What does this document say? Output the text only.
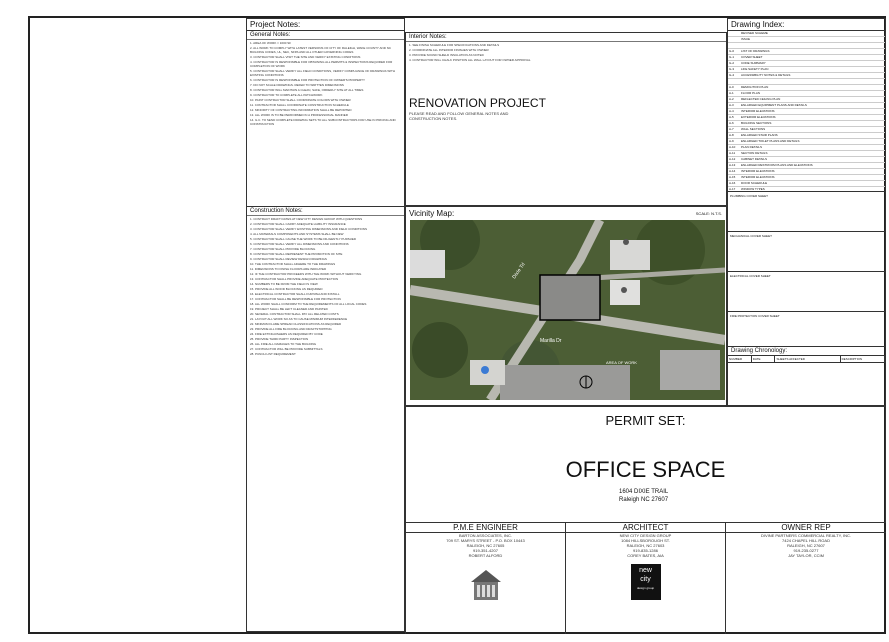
Project Notes:
General Notes:
1. AREA OF WORK = 1600 SF
2. ALL WORK TO COMPLY WITH LATEST VERSIONS OF CITY OF RALEIGH, WAKE COUNTY AND NC BUILDING CODES, UL, NEC, NFPA AND ALL OTHER GOVERNING CODES
3. CONTRACTOR SHALL VISIT THE SITE AND VERIFY EXISTING CONDITIONS
4. CONTRACTOR IS RESPONSIBLE FOR OBTAINING ALL PERMITS & INSPECTIONS REQUIRED FOR COMPLETION OF WORK
5. CONTRACTOR SHALL VERIFY ALL FIELD CONDITIONS, VERIFY COMPLIANCE OF DRAWINGS WITH EXISTING CONDITIONS
6. CONTRACTOR IS RESPONSIBLE FOR PROTECTION OF OWNER'S PROPERTY
7. DO NOT SCALE DRAWINGS. REFER TO WRITTEN DIMENSIONS
8. CONTRACTOR WILL MAINTAIN A CLEAN, SAFE, ORDERLY SITE AT ALL TIMES
9. CONTRACTOR TO COMPLETE ALL PATCHWORK
10. PAINT CONTRACTOR SHALL COORDINATE COLORS WITH OWNER
11. CONTRACTOR SHALL COORDINATE CONSTRUCTION SCHEDULE
12. MINORITY OF CONTRACTING INFORMATION SHALL BE REPORTED
13. ALL WORK IS TO BE PERFORMED IN A PROFESSIONAL MANNER
14. G.C. TO SEND COMPLETE DRAWING SETS TO ALL SUBCONTRACTORS FOR USE IN PRICING AND CONSTRUCTION
Construction Notes:
1. CONTRACT DRAFT DATES AT NEW CITY DESIGN GROUP WITH QUESTIONS
2. CONTRACTOR SHALL CARRY ADEQUATE LIABILITY INSURANCE
3. CONTRACTOR SHALL VERIFY EXISTING DIMENSIONS AND FIELD CONDITIONS
4. ALL MATERIALS COMPONENTS AND SYSTEMS SHALL BE NEW
5. CONTRACTOR SHALL CAUSE THE WORK TO BE DILIGENTLY PURSUED
6. CONTRACTOR SHALL VERIFY ALL DIMENSIONS AND CONDITIONS
7. CONTRACTOR SHALL PROVIDE BLOCKING
8. CONTRACTOR SHALL REPRESENT THE PROMOTION OF SITE
9. CONTRACTOR SHALL REVIEW DESIGN DRAWINGS
10. THE CONTRACTOR SHALL ADHERE TO THE DRAWINGS
11. DIMENSIONS TO FINISH FLOORS ARE INDICATED
12. IF THE CONTRACTOR PROCEEDS WITH THE WORK WITHOUT VERIFYING
13. CONTRACTOR SHALL PROVIDE ADEQUATE PROTECTION
14. NUMBERS TO BE FROM THE FIELD IS VIEW
15. PROVIDE ALL WOOD BLOCKING AS REQUIRED
16. ELECTRICAL CONTRACTOR SHALL FURNISH AND INSTALL
17. CONTRACTOR SHALL BE RESPONSIBLE FOR PROTECTION
18. ALL WORK SHALL CONFORM TO THE REQUIREMENTS OF ALL LOCAL CODES
19. PROJECT SHALL BE LEFT CLEANED AND PAINTED
20. SEVERAL CONTRACTOR SHALL PAY ALL RELATED COSTS
21. LAYOUT ALL WORK SO AS TO CAUSE MINIMUM INTERFERENCE
22. MINIMUM FLAME SPREAD CLASSIFICATIONS AS REQUIRED
23. PROVIDE ALL FIRE BLOCKING AND DRAFTSTOPPING
24. FIRE EXTINGUISHERS AS REQUIRED BY CODE
25. PROVIDE THIRD PARTY INSPECTION
26. ALL FIRE ALL DAMAGES TO THE BUILDING
27. CONTRACTOR WILL BE PROVIDE SUBMITTALS
28. PUNCH LIST REQUIREMENT
Interior Notes:
1. SEE FINISH SCHEDULE FOR SPECIFICATIONS AND DETAILS
2. COORDINATE ALL INTERIOR FINISHES WITH OWNER
3. PROVIDE SOUND SHIELD INSULATION AS NOTED
4. CONTRACTOR WILL CHALK POSITION ALL WALL LAYOUT FOR OWNER APPROVAL
RENOVATION PROJECT
PLEASE READ AND FOLLOW GENERAL NOTES AND CONSTRUCTION NOTES.
Vicinity Map:	SCALE: N.T.S.
Marilla Dr
Dixie Trl
AREA OF WORK
Drawing Index:
REVISED SCHEME
ISSUE
G-0	LIST OF DRAWINGS
G-1	COVER SHEET
G-2	CODE SUMMARY
G-3	LIFE SAFETY PLAN
G-4	ACCESSIBILITY NOTES & DETAILS
A-0	DEMOLITION PLAN
A-1	FLOOR PLAN
A-2	REFLECTED CEILING PLAN
A-3	ENLARGED EQUIPMENT PLANS AND DETAILS
A-4	INTERIOR ELEVATIONS
A-5	EXTERIOR ELEVATIONS
A-6	BUILDING SECTIONS
A-7	WALL SECTIONS
A-8	ENLARGED STAIR PLANS
A-9	ENLARGED TOILET PLANS AND DETAILS
A-10	PLAN DETAILS
A-11	SECTION DETAILS
A-12	CABINET DETAILS
A-13	ENLARGED RESTROOM PLANS AND ELEVATIONS
A-14	INTERIOR ELEVATIONS
A-15	INTERIOR ELEVATIONS
A-16	DOOR SCHEDULE
A-17	WINDOW TYPES
PLUMBING COVER SHEET
MECHANICAL COVER SHEET
ELECTRICAL COVER SHEET
FIRE PROTECTION COVER SHEET
Drawing Chronology:
NUMBER	DATE	SHEETS AFFECTED	DESCRIPTION
PERMIT SET:
OFFICE SPACE
1604 DIXIE TRAIL
Raleigh NC 27607
P.M.E ENGINEER
BARTON ASSOCIATES, INC.
709 ST. MARYS STREET - P.O. BOX 10443
RALEIGH, NC 27605
919-351-4207
ROBERT ALFORD
ARCHITECT
NEW CITY DESIGN GROUP
1084 HILLSBOROUGH ST.
RALEIGH, NC 27603
919-835-1286
COREY BATES, AIA
new
city
design group
OWNER REP
DIVINE PARTNERS COMMERCIAL REALTY, INC.
7424 CHAPEL HILL ROAD
RALEIGH, NC 27607
919-235-0277
JAY TAYLOR, CCIM
